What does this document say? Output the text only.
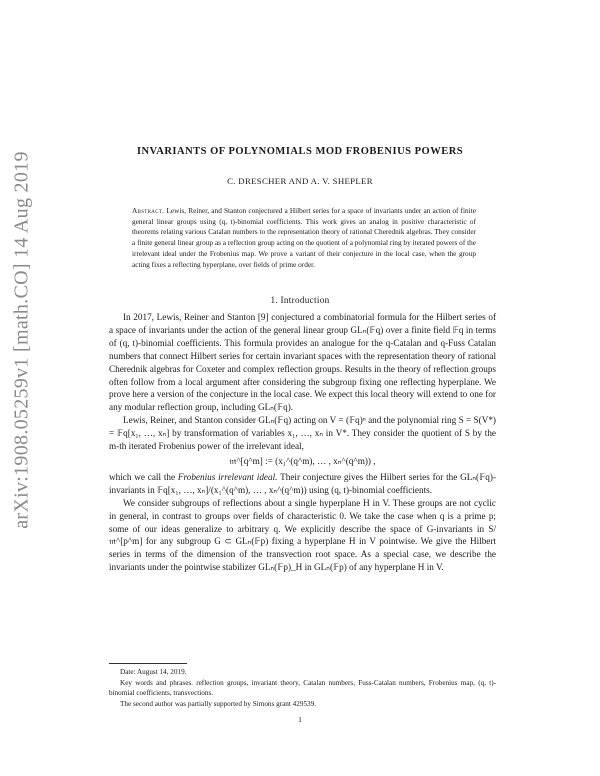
arXiv:1908.05259v1 [math.CO] 14 Aug 2019	INVARIANTS OF POLYNOMIALS MOD FROBENIUS POWERS
C. DRESCHER AND A. V. SHEPLER
Abstract. Lewis, Reiner, and Stanton conjectured a Hilbert series for a space of invariants under an action of finite general linear groups using (q, t)-binomial coefficients. This work gives an analog in positive characteristic of theorems relating various Catalan numbers to the representation theory of rational Cherednik algebras. They consider a finite general linear group as a reflection group acting on the quotient of a polynomial ring by iterated powers of the irrelevant ideal under the Frobenius map. We prove a variant of their conjecture in the local case, when the group acting fixes a reflecting hyperplane, over fields of prime order.
1. Introduction

In 2017, Lewis, Reiner and Stanton [9] conjectured a combinatorial formula for the Hilbert series of a space of invariants under the action of the general linear group GLₙ(𝔽q) over a finite field 𝔽q in terms of (q, t)-binomial coefficients. This formula provides an analogue for the q-Catalan and q-Fuss Catalan numbers that connect Hilbert series for certain invariant spaces with the representation theory of rational Cherednik algebras for Coxeter and complex reflection groups. Results in the theory of reflection groups often follow from a local argument after considering the subgroup fixing one reflecting hyperplane. We prove here a version of the conjecture in the local case. We expect this local theory will extend to one for any modular reflection group, including GLₙ(𝔽q).

Lewis, Reiner, and Stanton consider GLₙ(𝔽q) acting on V = (𝔽q)ⁿ and the polynomial ring S = S(V*) = 𝔽q[x₁, …, xₙ] by transformation of variables x₁, …, xₙ in V*. They consider the quotient of S by the m-th iterated Frobenius power of the irrelevant ideal,

𝔪^[q^m] := (x₁^(q^m), … , xₙ^(q^m)) ,

which we call the Frobenius irrelevant ideal. Their conjecture gives the Hilbert series for the GLₙ(𝔽q)-invariants in 𝔽q[x₁, …, xₙ]/(x₁^(q^m), … , xₙ^(q^m)) using (q, t)-binomial coefficients.

We consider subgroups of reflections about a single hyperplane H in V. These groups are not cyclic in general, in contrast to groups over fields of characteristic 0. We take the case when q is a prime p; some of our ideas generalize to arbitrary q. We explicitly describe the space of G-invariants in S/𝔪^[p^m] for any subgroup G ⊂ GLₙ(𝔽p) fixing a hyperplane H in V pointwise. We give the Hilbert series in terms of the dimension of the transvection root space. As a special case, we describe the invariants under the pointwise stabilizer GLₙ(𝔽p)_H in GLₙ(𝔽p) of any hyperplane H in V.

Date: August 14, 2019.
Key words and phrases. reflection groups, invariant theory, Catalan numbers, Fuss-Catalan numbers, Frobenius map, (q, t)-binomial coefficients, transvections.
The second author was partially supported by Simons grant 429539.
1
